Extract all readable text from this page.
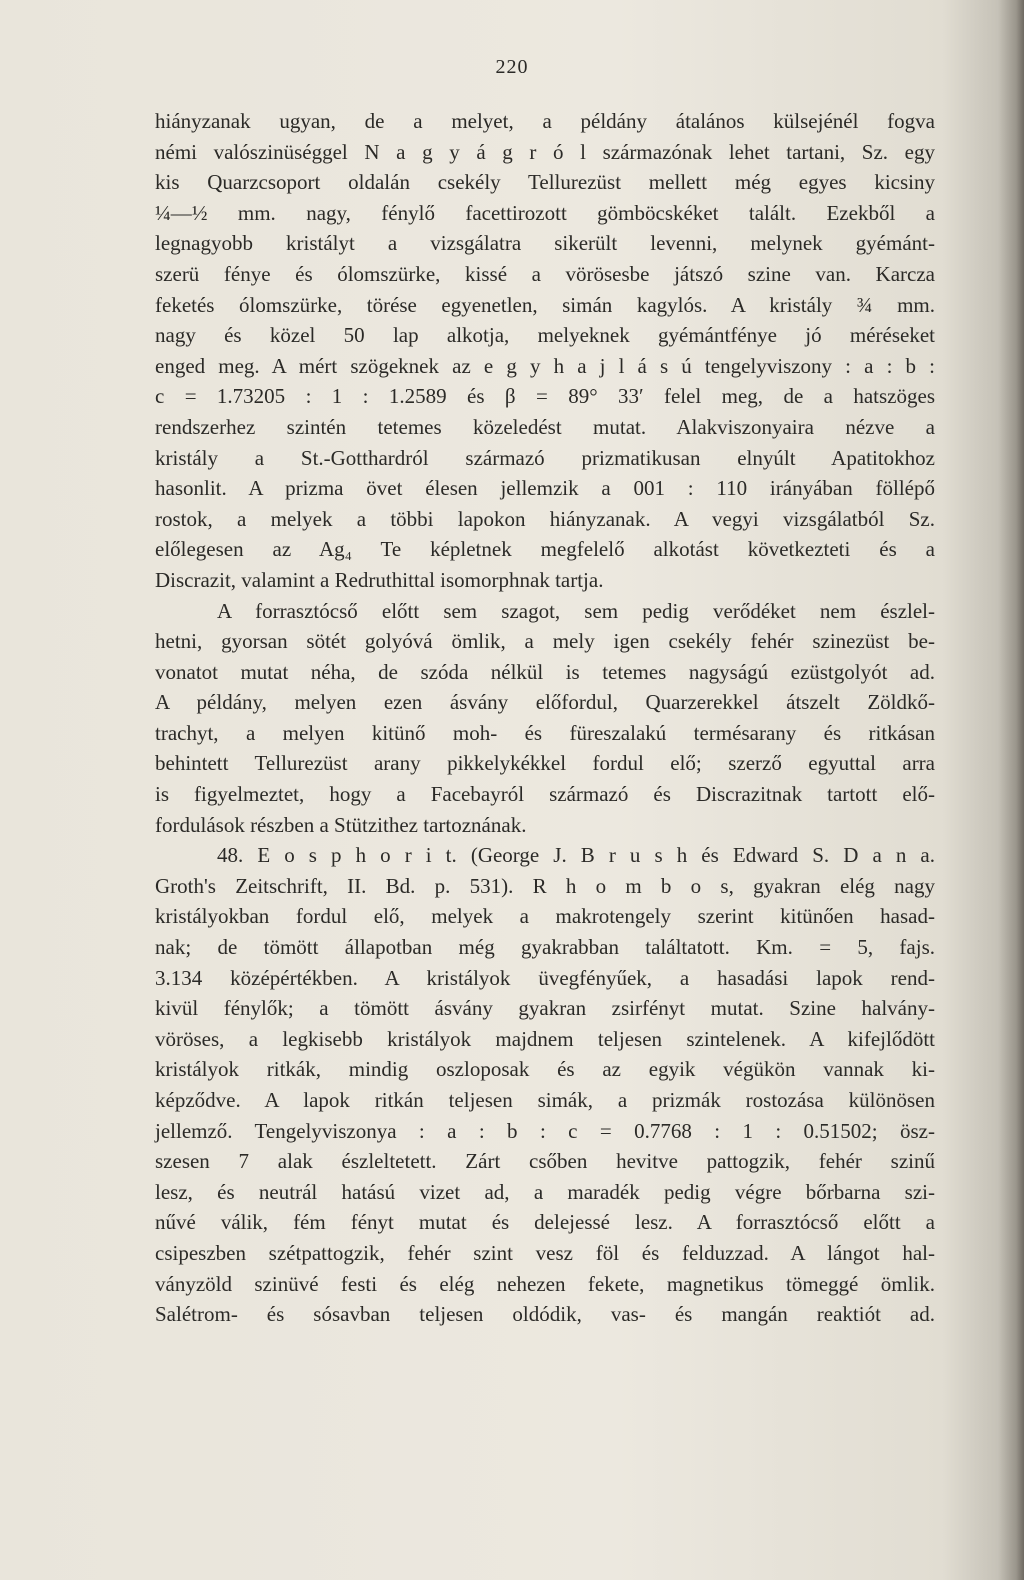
220
hiányzanak ugyan, de a melyet, a példány átalános külsejénél fogva
némi valószinüséggel N a g y á g r ó l származónak lehet tartani, Sz. egy
kis Quarzcsoport oldalán csekély Tellurezüst mellett még egyes kicsiny
¼—½ mm. nagy, fénylő facettirozott gömböcskéket talált. Ezekből a
legnagyobb kristályt a vizsgálatra sikerült levenni, melynek gyémánt-
szerü fénye és ólomszürke, kissé a vörösesbe játszó szine van. Karcza
feketés ólomszürke, törése egyenetlen, simán kagylós. A kristály ¾ mm.
nagy és közel 50 lap alkotja, melyeknek gyémántfénye jó méréseket
enged meg. A mért szögeknek az e g y h a j l á s ú tengelyviszony : a : b :
c = 1.73205 : 1 : 1.2589 és β = 89° 33′ felel meg, de a hatszöges
rendszerhez szintén tetemes közeledést mutat. Alakviszonyaira nézve a
kristály a St.-Gotthardról származó prizmatikusan elnyúlt Apatitokhoz
hasonlit. A prizma övet élesen jellemzik a 001 : 110 irányában föllépő
rostok, a melyek a többi lapokon hiányzanak. A vegyi vizsgálatból Sz.
előlegesen az Ag₄ Te képletnek megfelelő alkotást következteti és a
Discrazit, valamint a Redruthittal isomorphnak tartja.
A forrasztócső előtt sem szagot, sem pedig verődéket nem észlel-
hetni, gyorsan sötét golyóvá ömlik, a mely igen csekély fehér szinezüst be-
vonatot mutat néha, de szóda nélkül is tetemes nagyságú ezüstgolyót ad.
A példány, melyen ezen ásvány előfordul, Quarzerekkel átszelt Zöldkő-
trachyt, a melyen kitünő moh- és füreszalakú termésarany és ritkásan
behintett Tellurezüst arany pikkelykékkel fordul elő; szerző egyuttal arra
is figyelmeztet, hogy a Facebayról származó és Discrazitnak tartott elő-
fordulások részben a Stützithez tartoznának.
48. E o s p h o r i t. (George J. B r u s h és Edward S. D a n a.
Groth's Zeitschrift, II. Bd. p. 531). R h o m b o s, gyakran elég nagy
kristályokban fordul elő, melyek a makrotengely szerint kitünően hasad-
nak; de tömött állapotban még gyakrabban találtatott. Km. = 5, fajs.
3.134 középértékben. A kristályok üvegfényűek, a hasadási lapok rend-
kivül fénylők; a tömött ásvány gyakran zsirfényt mutat. Szine halvány-
vöröses, a legkisebb kristályok majdnem teljesen szintelenek. A kifejlődött
kristályok ritkák, mindig oszloposak és az egyik végükön vannak ki-
képződve. A lapok ritkán teljesen simák, a prizmák rostozása különösen
jellemző. Tengelyviszonya : a : b : c = 0.7768 : 1 : 0.51502; ösz-
szesen 7 alak észleltetett. Zárt csőben hevitve pattogzik, fehér szinű
lesz, és neutrál hatású vizet ad, a maradék pedig végre bőrbarna szi-
nűvé válik, fém fényt mutat és delejessé lesz. A forrasztócső előtt a
csipeszben szétpattogzik, fehér szint vesz föl és felduzzad. A lángot hal-
ványzöld szinüvé festi és elég nehezen fekete, magnetikus tömeggé ömlik.
Salétrom- és sósavban teljesen oldódik, vas- és mangán reaktiót ad.
